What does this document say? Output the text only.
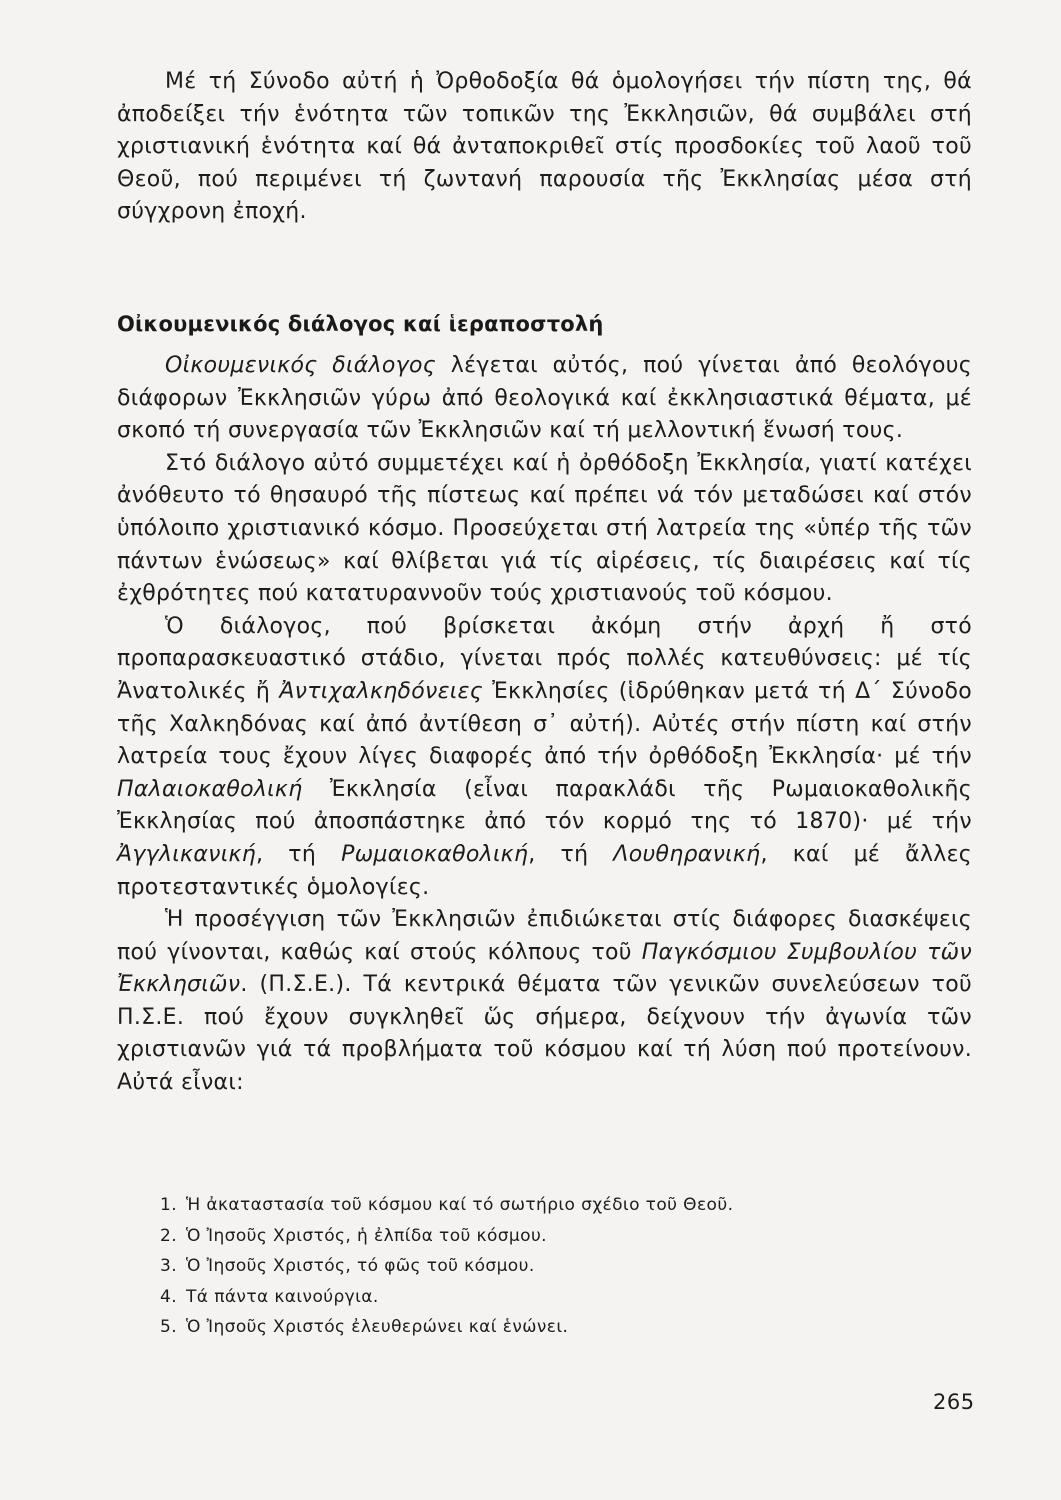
Μέ τή Σύνοδο αὐτή ἡ Ὀρθοδοξία θά ὁμολογήσει τήν πίστη της, θά ἀποδείξει τήν ἑνότητα τῶν τοπικῶν της Ἐκκλησιῶν, θά συμβάλει στή χριστιανική ἑνότητα καί θά ἀνταποκριθεῖ στίς προσδοκίες τοῦ λαοῦ τοῦ Θεοῦ, πού περιμένει τή ζωντανή παρουσία τῆς Ἐκκλησίας μέσα στή σύγχρονη ἐποχή.

Οἰκουμενικός διάλογος καί ἱεραποστολή

Οἰκουμενικός διάλογος λέγεται αὐτός, πού γίνεται ἀπό θεολόγους διάφορων Ἐκκλησιῶν γύρω ἀπό θεολογικά καί ἐκκλησιαστικά θέματα, μέ σκοπό τή συνεργασία τῶν Ἐκκλησιῶν καί τή μελλοντική ἕνωσή τους.

Στό διάλογο αὐτό συμμετέχει καί ἡ ὀρθόδοξη Ἐκκλησία, γιατί κατέχει ἀνόθευτο τό θησαυρό τῆς πίστεως καί πρέπει νά τόν μεταδώσει καί στόν ὑπόλοιπο χριστιανικό κόσμο. Προσεύχεται στή λατρεία της «ὑπέρ τῆς τῶν πάντων ἑνώσεως» καί θλίβεται γιά τίς αἱρέσεις, τίς διαιρέσεις καί τίς ἐχθρότητες πού κατατυραννοῦν τούς χριστιανούς τοῦ κόσμου.

Ὁ διάλογος, πού βρίσκεται ἀκόμη στήν ἀρχή ἤ στό προπαρασκευαστικό στάδιο, γίνεται πρός πολλές κατευθύνσεις: μέ τίς Ἀνατολικές ἤ Ἀντιχαλκηδόνειες Ἐκκλησίες (ἱδρύθηκαν μετά τή Δ΄ Σύνοδο τῆς Χαλκηδόνας καί ἀπό ἀντίθεση σ᾿ αὐτή). Αὐτές στήν πίστη καί στήν λατρεία τους ἔχουν λίγες διαφορές ἀπό τήν ὀρθόδοξη Ἐκκλησία· μέ τήν Παλαιοκαθολική Ἐκκλησία (εἶναι παρακλάδι τῆς Ρωμαιοκαθολικῆς Ἐκκλησίας πού ἀποσπάστηκε ἀπό τόν κορμό της τό 1870)· μέ τήν Ἀγγλικανική, τή Ρωμαιοκαθολική, τή Λουθηρανική, καί μέ ἄλλες προτεσταντικές ὁμολογίες.

Ἡ προσέγγιση τῶν Ἐκκλησιῶν ἐπιδιώκεται στίς διάφορες διασκέψεις πού γίνονται, καθώς καί στούς κόλπους τοῦ Παγκόσμιου Συμβουλίου τῶν Ἐκκλησιῶν. (Π.Σ.Ε.). Τά κεντρικά θέματα τῶν γενικῶν συνελεύσεων τοῦ Π.Σ.Ε. πού ἔχουν συγκληθεῖ ὥς σήμερα, δείχνουν τήν ἀγωνία τῶν χριστιανῶν γιά τά προβλήματα τοῦ κόσμου καί τή λύση πού προτείνουν. Αὐτά εἶναι:

1. Ἡ ἀκαταστασία τοῦ κόσμου καί τό σωτήριο σχέδιο τοῦ Θεοῦ.
2. Ὁ Ἰησοῦς Χριστός, ἡ ἐλπίδα τοῦ κόσμου.
3. Ὁ Ἰησοῦς Χριστός, τό φῶς τοῦ κόσμου.
4. Τά πάντα καινούργια.
5. Ὁ Ἰησοῦς Χριστός ἐλευθερώνει καί ἑνώνει.
265
